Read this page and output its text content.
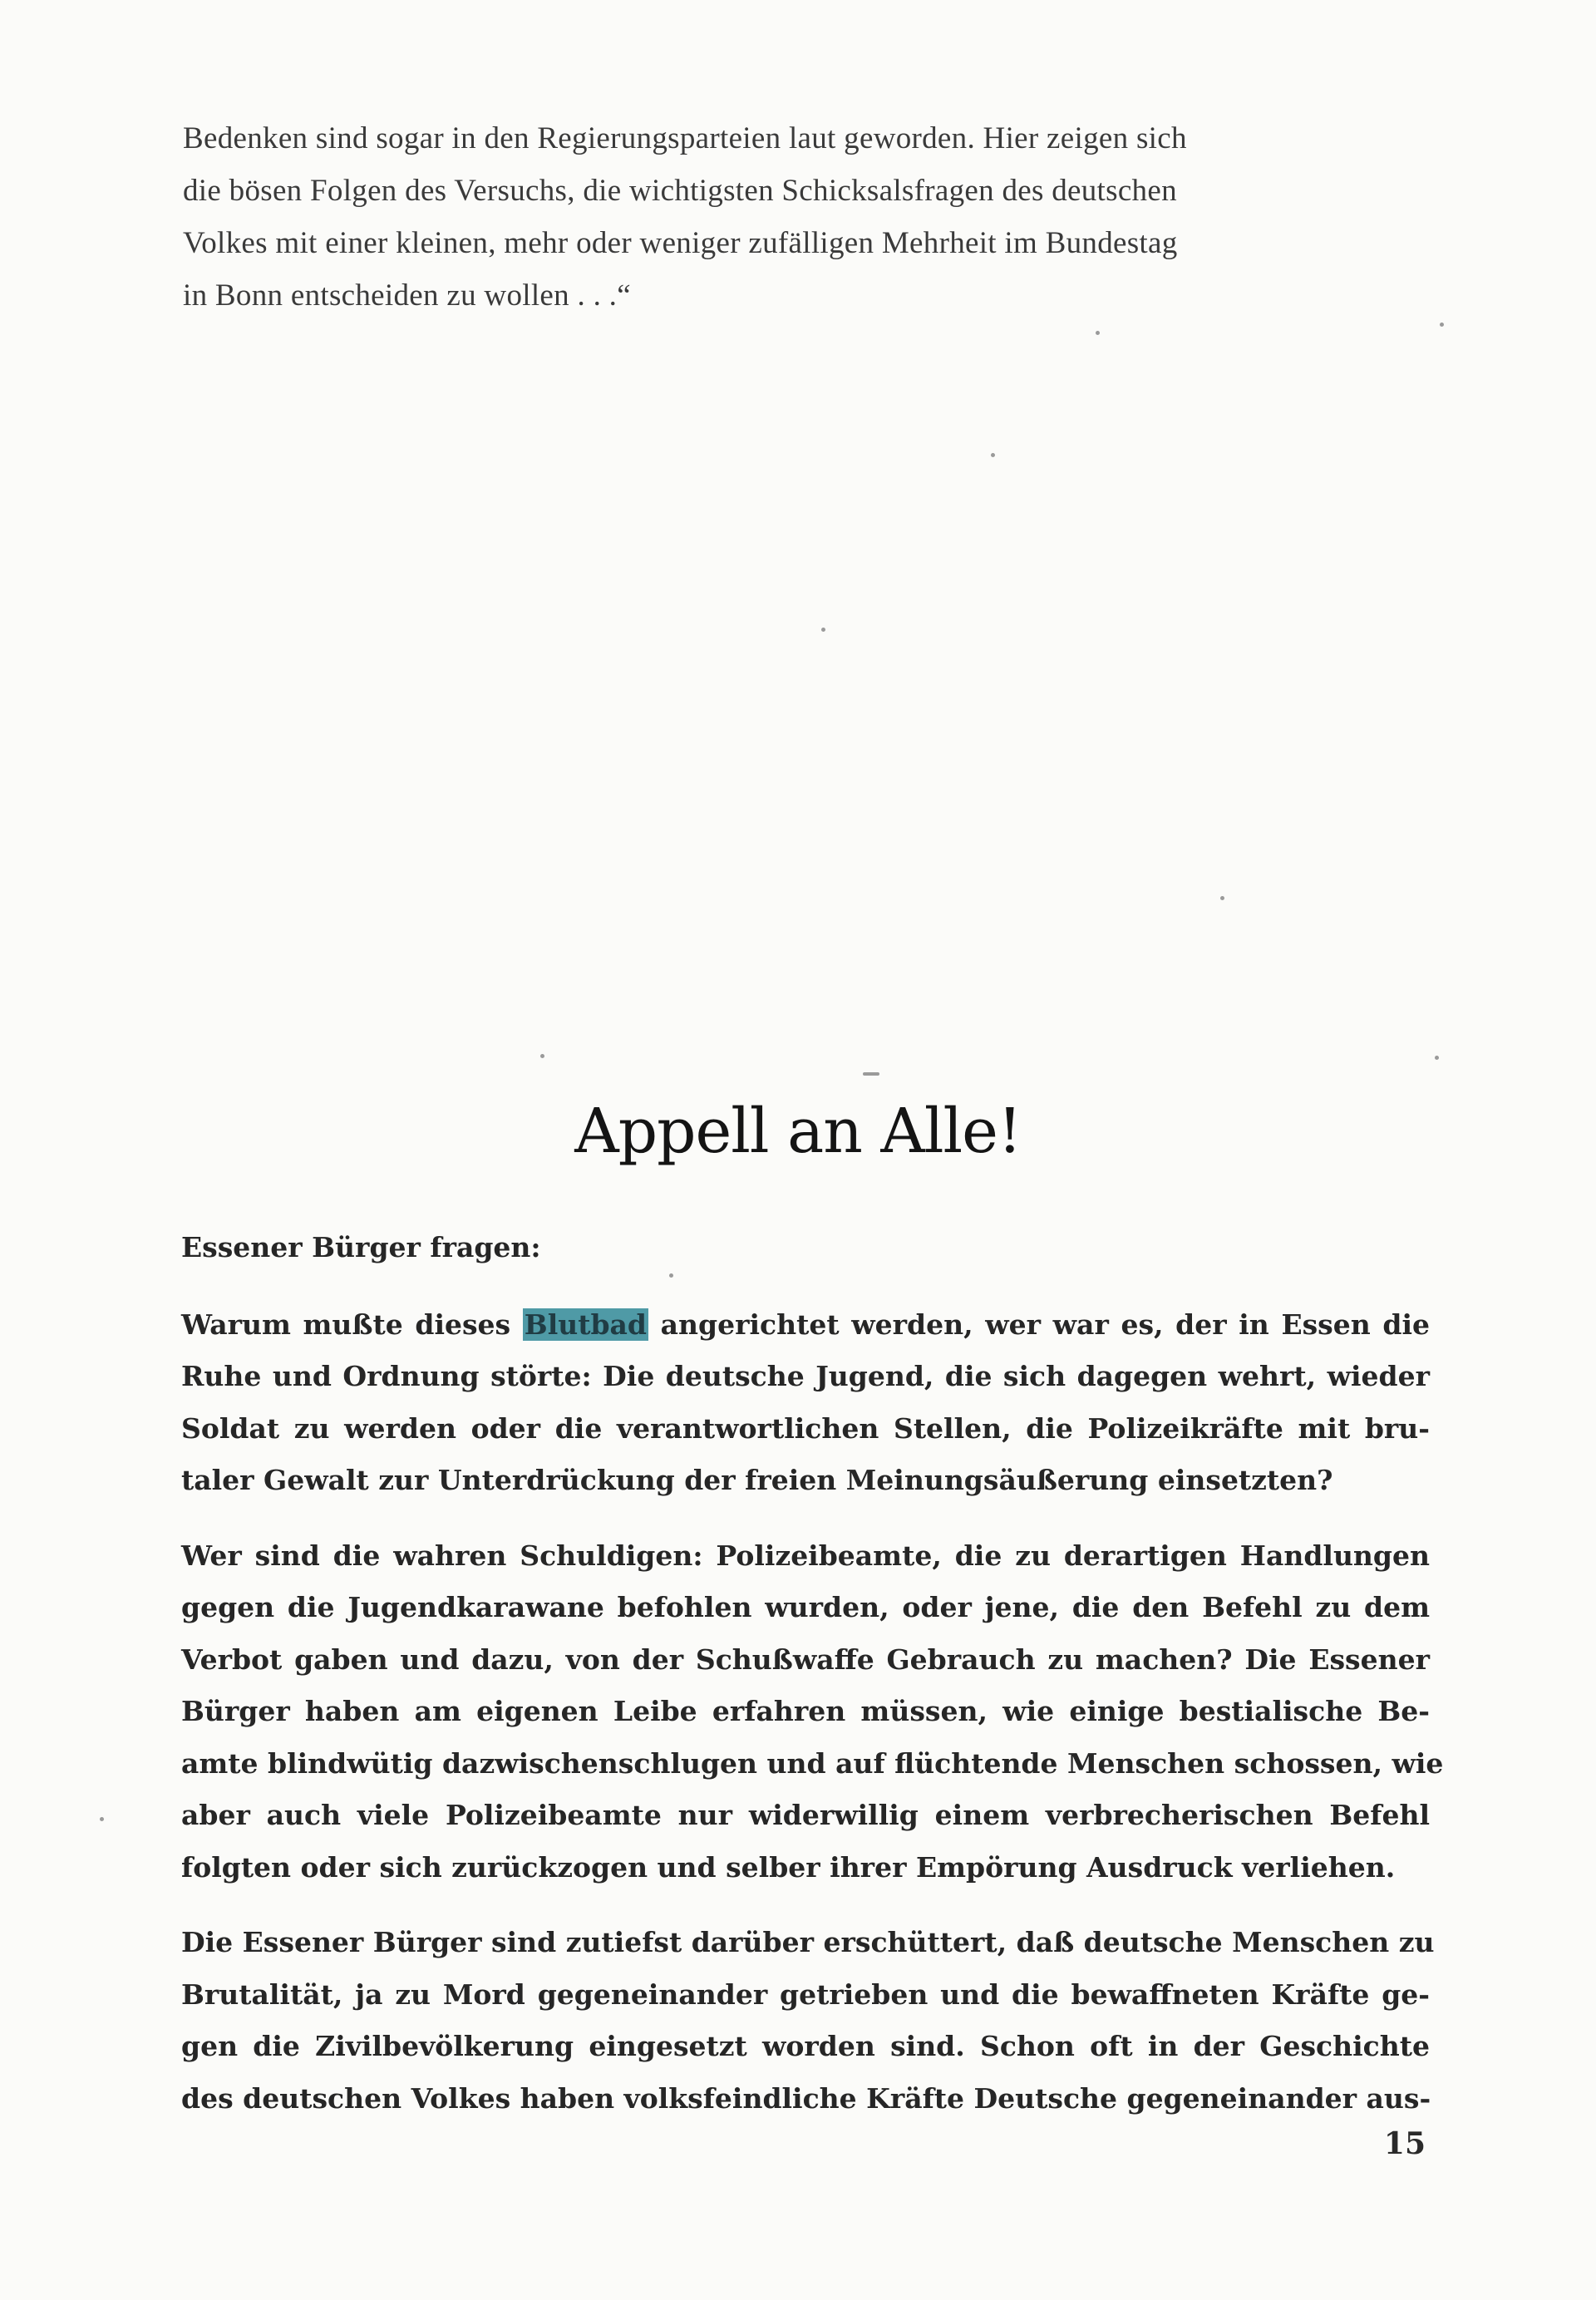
Bedenken sind sogar in den Regierungsparteien laut geworden. Hier zeigen sich
die bösen Folgen des Versuchs, die wichtigsten Schicksalsfragen des deutschen
Volkes mit einer kleinen, mehr oder weniger zufälligen Mehrheit im Bundestag
in Bonn entscheiden zu wollen . . .“
Appell an Alle!
Essener Bürger fragen:
Warum mußte dieses Blutbad angerichtet werden, wer war es, der in Essen die
Ruhe und Ordnung störte: Die deutsche Jugend, die sich dagegen wehrt, wieder
Soldat zu werden oder die verantwortlichen Stellen, die Polizeikräfte mit bru-
taler Gewalt zur Unterdrückung der freien Meinungsäußerung einsetzten?
Wer sind die wahren Schuldigen: Polizeibeamte, die zu derartigen Handlungen
gegen die Jugendkarawane befohlen wurden, oder jene, die den Befehl zu dem
Verbot gaben und dazu, von der Schußwaffe Gebrauch zu machen? Die Essener
Bürger haben am eigenen Leibe erfahren müssen, wie einige bestialische Be-
amte blindwütig dazwischenschlugen und auf flüchtende Menschen schossen, wie
aber auch viele Polizeibeamte nur widerwillig einem verbrecherischen Befehl
folgten oder sich zurückzogen und selber ihrer Empörung Ausdruck verliehen.
Die Essener Bürger sind zutiefst darüber erschüttert, daß deutsche Menschen zu
Brutalität, ja zu Mord gegeneinander getrieben und die bewaffneten Kräfte ge-
gen die Zivilbevölkerung eingesetzt worden sind. Schon oft in der Geschichte
des deutschen Volkes haben volksfeindliche Kräfte Deutsche gegeneinander aus-
15
